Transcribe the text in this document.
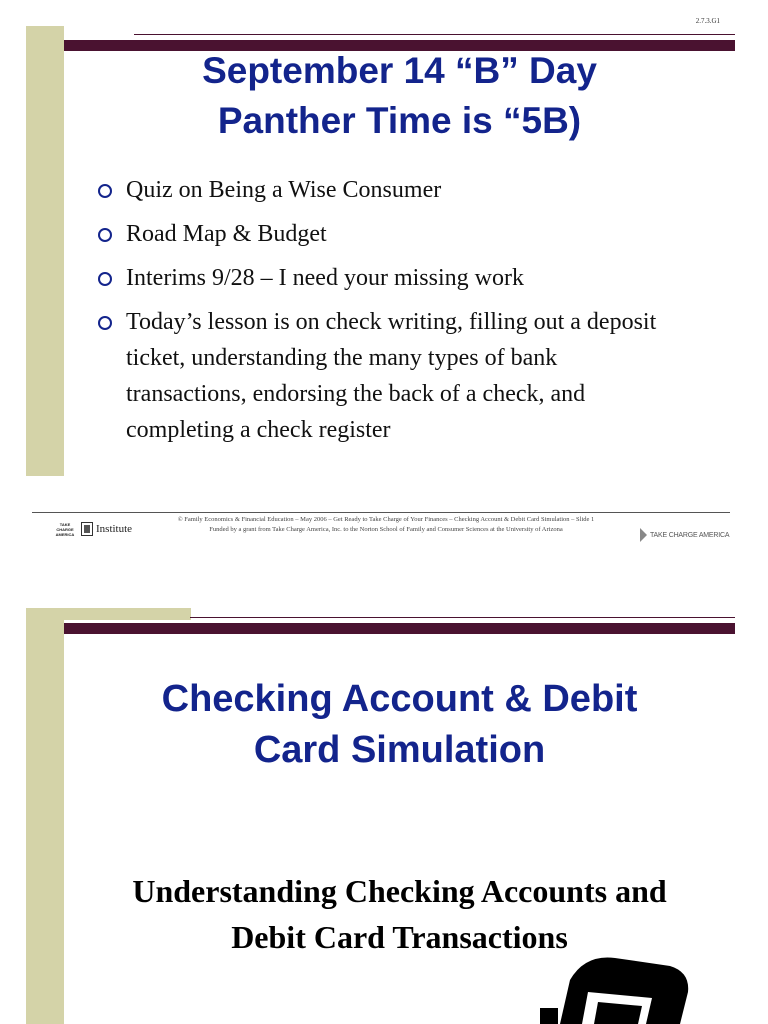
2.7.3.G1
September 14 “B” Day
Panther Time is “5B)
Quiz on Being a Wise Consumer
Road Map & Budget
Interims 9/28 – I need your missing work
Today’s lesson is on check writing, filling out a deposit ticket, understanding the many types of bank transactions, endorsing the back of a check, and completing a check register
TAKE CHARGE AMERICA	Institute
© Family Economics & Financial Education – May 2006 – Get Ready to Take Charge of Your Finances – Checking Account & Debit Card Simulation – Slide 1
Funded by a grant from Take Charge America, Inc. to the Norton School of Family and Consumer Sciences at the University of Arizona
TAKE CHARGE AMERICA
Checking Account & Debit
Card Simulation
Understanding Checking Accounts and
Debit Card Transactions
